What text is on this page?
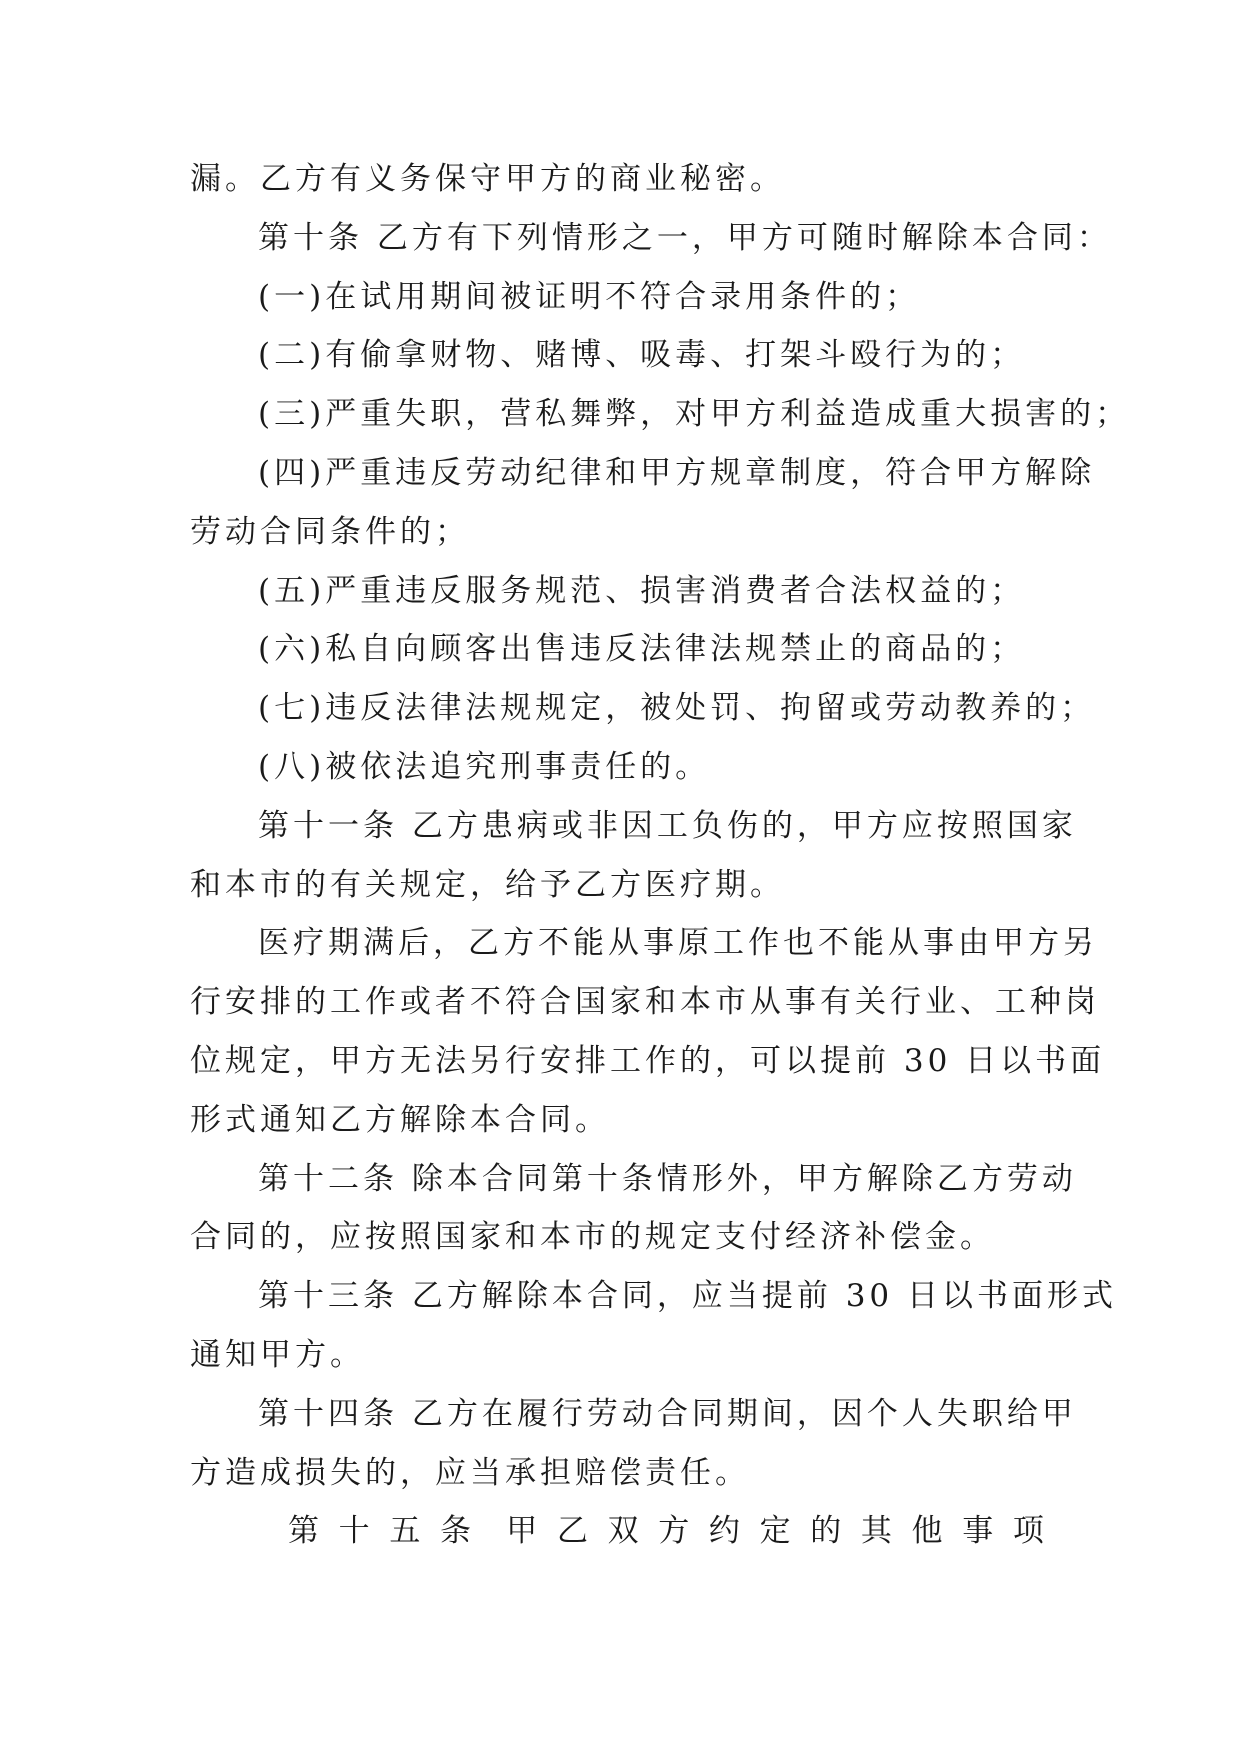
漏。乙方有义务保守甲方的商业秘密。
第十条 乙方有下列情形之一，甲方可随时解除本合同：
(一)在试用期间被证明不符合录用条件的；
(二)有偷拿财物、赌博、吸毒、打架斗殴行为的；
(三)严重失职，营私舞弊，对甲方利益造成重大损害的；
(四)严重违反劳动纪律和甲方规章制度，符合甲方解除
劳动合同条件的；
(五)严重违反服务规范、损害消费者合法权益的；
(六)私自向顾客出售违反法律法规禁止的商品的；
(七)违反法律法规规定，被处罚、拘留或劳动教养的；
(八)被依法追究刑事责任的。
第十一条 乙方患病或非因工负伤的，甲方应按照国家
和本市的有关规定，给予乙方医疗期。
医疗期满后，乙方不能从事原工作也不能从事由甲方另
行安排的工作或者不符合国家和本市从事有关行业、工种岗
位规定，甲方无法另行安排工作的，可以提前 30 日以书面
形式通知乙方解除本合同。
第十二条 除本合同第十条情形外，甲方解除乙方劳动
合同的，应按照国家和本市的规定支付经济补偿金。
第十三条 乙方解除本合同，应当提前 30 日以书面形式
通知甲方。
第十四条 乙方在履行劳动合同期间，因个人失职给甲
方造成损失的，应当承担赔偿责任。
第 十 五 条 甲 乙 双 方 约 定 的 其 他 事 项
